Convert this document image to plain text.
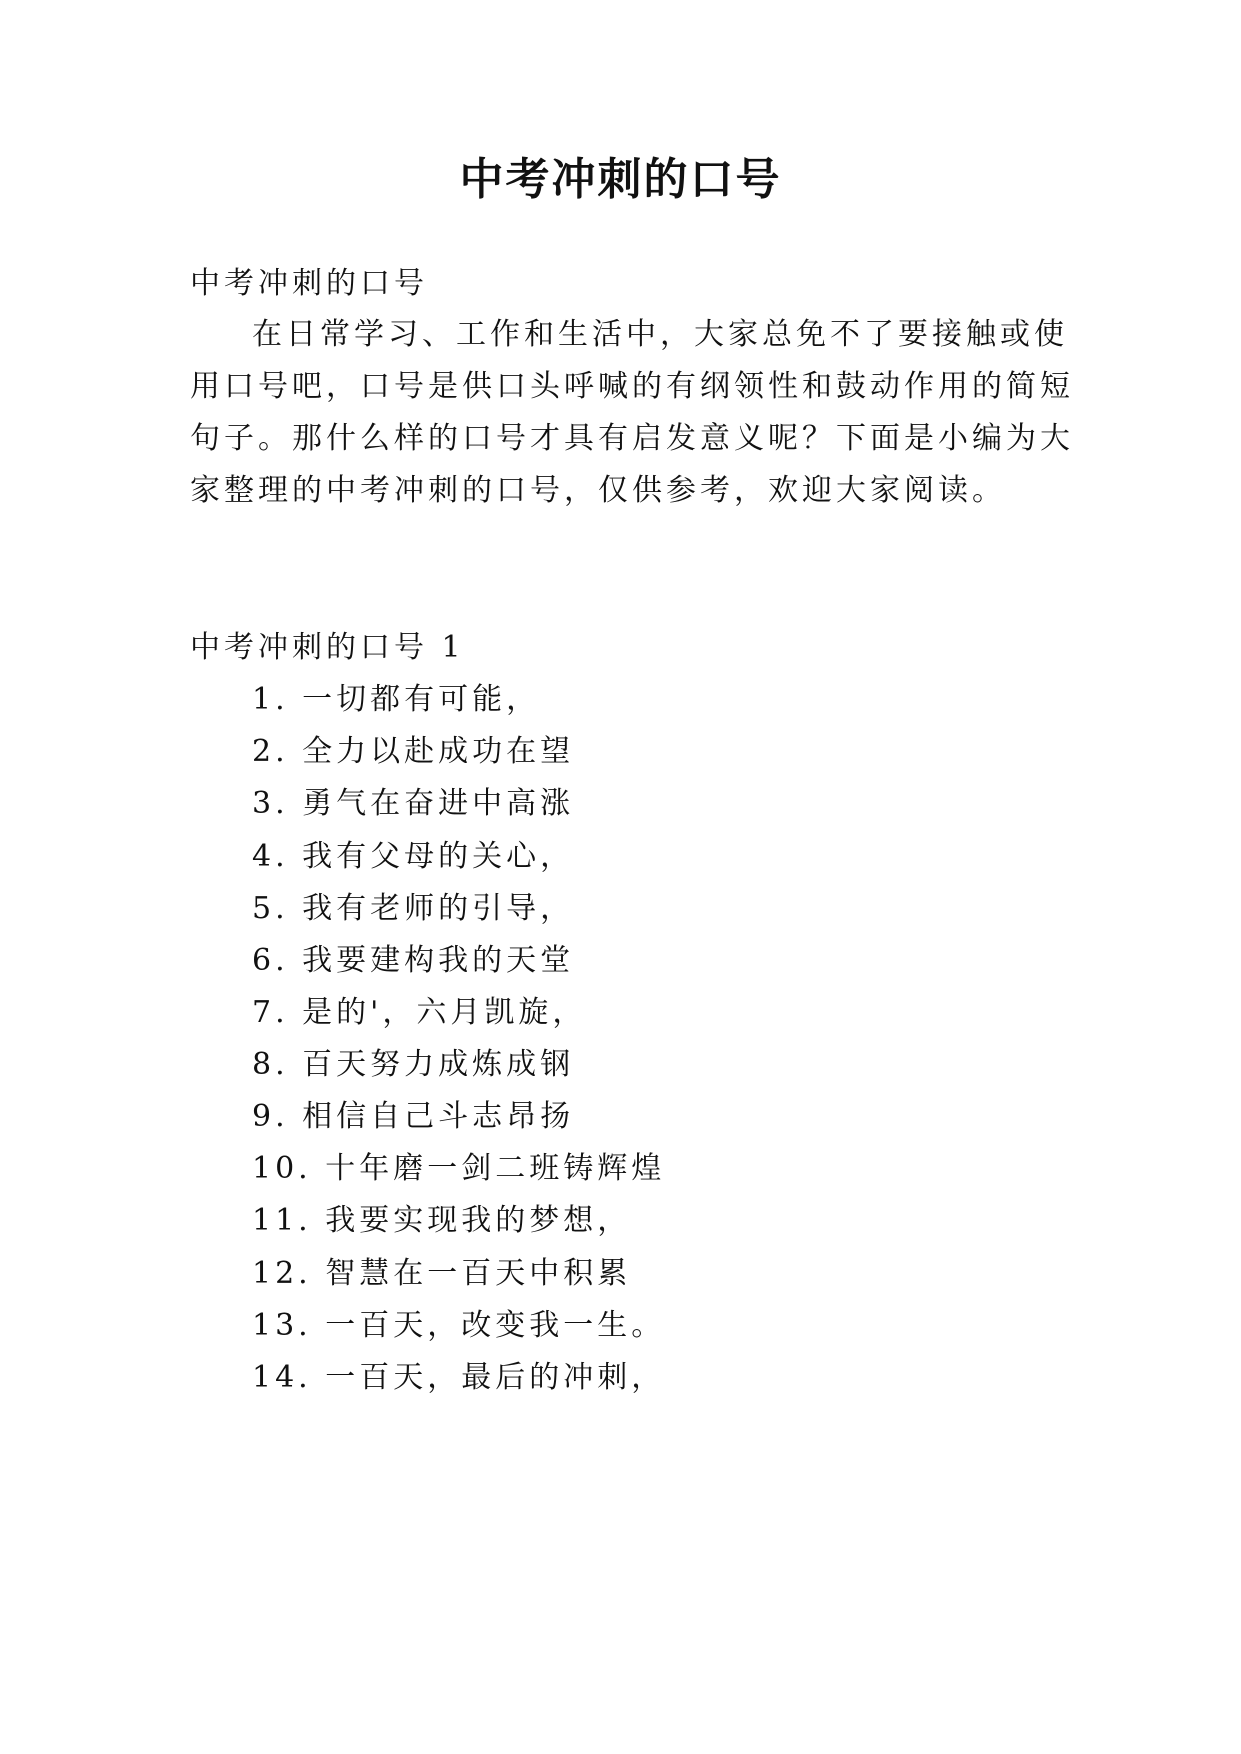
中考冲刺的口号
中考冲刺的口号
在日常学习、工作和生活中，大家总免不了要接触或使
用口号吧，口号是供口头呼喊的有纲领性和鼓动作用的简短
句子。那什么样的口号才具有启发意义呢？下面是小编为大
家整理的中考冲刺的口号，仅供参考，欢迎大家阅读。
中考冲刺的口号 1
1. 一切都有可能，
2. 全力以赴成功在望
3. 勇气在奋进中高涨
4. 我有父母的关心，
5. 我有老师的引导，
6. 我要建构我的天堂
7. 是的'，六月凯旋，
8. 百天努力成炼成钢
9. 相信自己斗志昂扬
10. 十年磨一剑二班铸辉煌
11. 我要实现我的梦想，
12. 智慧在一百天中积累
13. 一百天，改变我一生。
14. 一百天，最后的冲刺，
